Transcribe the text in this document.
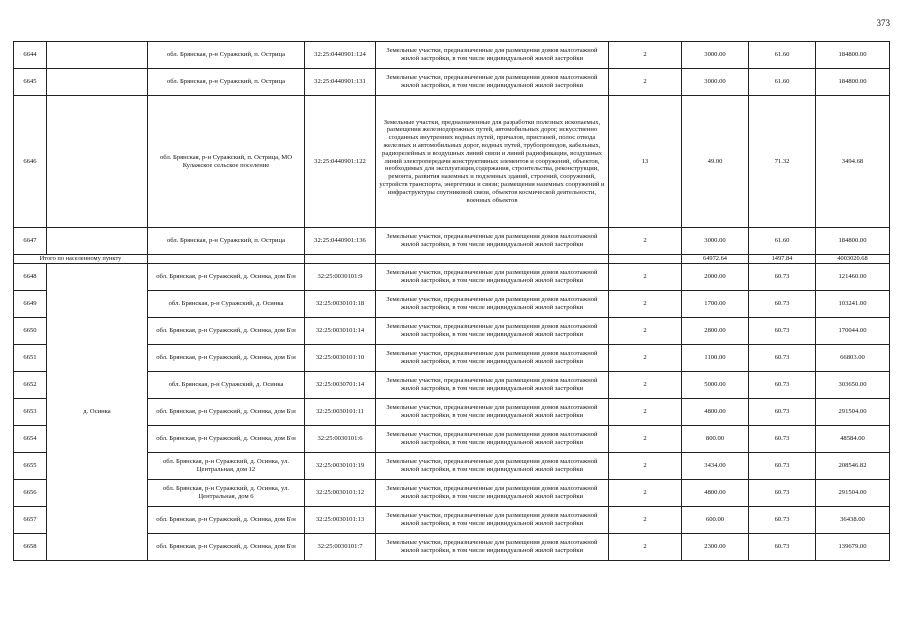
373
6644		обл. Брянская, р-н Суражский, п. Острица	32:25:0440901:124	Земельные участки, предназначенные для размещения домов малоэтажной жилой застройки, в том числе индивидуальной жилой застройки	2	3000.00	61.60	184800.00
6645		обл. Брянская, р-н Суражский, п. Острица	32:25:0440901:131	Земельные участки, предназначенные для размещения домов малоэтажной жилой застройки, в том числе индивидуальной жилой застройки	2	3000.00	61.60	184800.00
6646		обл. Брянская, р-н Суражский, п. Острица, МО Кулажское сельское поселение	32:25:0440901:122	Земельные участки, предназначенные для разработки полезных ископаемых, размещения железнодорожных путей, автомобильных дорог, искусственно созданных внутренних водных путей, причалов, пристаней, полос отвода железных и автомобильных дорог, водных путей, трубопроводов, кабельных, радиорелейных и воздушных линий связи и линий радиофикации, воздушных линий электропередачи конструктивных элементов и сооружений, объектов, необходимых для эксплуатации,содержания, строительства, реконструкции, ремонта, развития наземных и подземных зданий, строений, сооружений, устройств транспорта, энергетики и связи; размещения наземных сооружений и инфраструктуры спутниковой связи, объектов космической деятельности, военных объектов	13	49.00	71.32	3494.68
6647		обл. Брянская, р-н Суражский, п. Острица	32:25:0440901:136	Земельные участки, предназначенные для размещения домов малоэтажной жилой застройки, в том числе индивидуальной жилой застройки	2	3000.00	61.60	184800.00
Итого по населенному пункту						64972.64	1497.84	4003020.68
6648	д. Осинка	обл. Брянская, р-н Суражский, д. Осинка, дом Б\н	32:25:0030101:9	Земельные участки, предназначенные для размещения домов малоэтажной жилой застройки, в том числе индивидуальной жилой застройки	2	2000.00	60.73	121460.00
6649		обл. Брянская, р-н Суражский, д. Осинка	32:25:0030101:18	Земельные участки, предназначенные для размещения домов малоэтажной жилой застройки, в том числе индивидуальной жилой застройки	2	1700.00	60.73	103241.00
6650		обл. Брянская, р-н Суражский, д. Осинка, дом Б\н	32:25:0030101:14	Земельные участки, предназначенные для размещения домов малоэтажной жилой застройки, в том числе индивидуальной жилой застройки	2	2800.00	60.73	170044.00
6651		обл. Брянская, р-н Суражский, д. Осинка, дом Б\н	32:25:0030101:10	Земельные участки, предназначенные для размещения домов малоэтажной жилой застройки, в том числе индивидуальной жилой застройки	2	1100.00	60.73	66803.00
6652		обл. Брянская, р-н Суражский, д. Осинка	32:25:0030701:14	Земельные участки, предназначенные для размещения домов малоэтажной жилой застройки, в том числе индивидуальной жилой застройки	2	5000.00	60.73	303650.00
6653		обл. Брянская, р-н Суражский, д. Осинка, дом Б\н	32:25:0030101:11	Земельные участки, предназначенные для размещения домов малоэтажной жилой застройки, в том числе индивидуальной жилой застройки	2	4800.00	60.73	291504.00
6654		обл. Брянская, р-н Суражский, д. Осинка, дом Б\н	32:25:0030101:6	Земельные участки, предназначенные для размещения домов малоэтажной жилой застройки, в том числе индивидуальной жилой застройки	2	800.00	60.73	48584.00
6655		обл. Брянская, р-н Суражский, д. Осинка, ул. Центральная, дом 12	32:25:0030101:19	Земельные участки, предназначенные для размещения домов малоэтажной жилой застройки, в том числе индивидуальной жилой застройки	2	3434.00	60.73	208546.82
6656		обл. Брянская, р-н Суражский, д. Осинка, ул. Центральная, дом 6	32:25:0030101:12	Земельные участки, предназначенные для размещения домов малоэтажной жилой застройки, в том числе индивидуальной жилой застройки	2	4800.00	60.73	291504.00
6657		обл. Брянская, р-н Суражский, д. Осинка, дом Б\н	32:25:0030101:13	Земельные участки, предназначенные для размещения домов малоэтажной жилой застройки, в том числе индивидуальной жилой застройки	2	600.00	60.73	36438.00
6658		обл. Брянская, р-н Суражский, д. Осинка, дом Б\н	32:25:0030101:7	Земельные участки, предназначенные для размещения домов малоэтажной жилой застройки, в том числе индивидуальной жилой застройки	2	2300.00	60.73	139679.00
